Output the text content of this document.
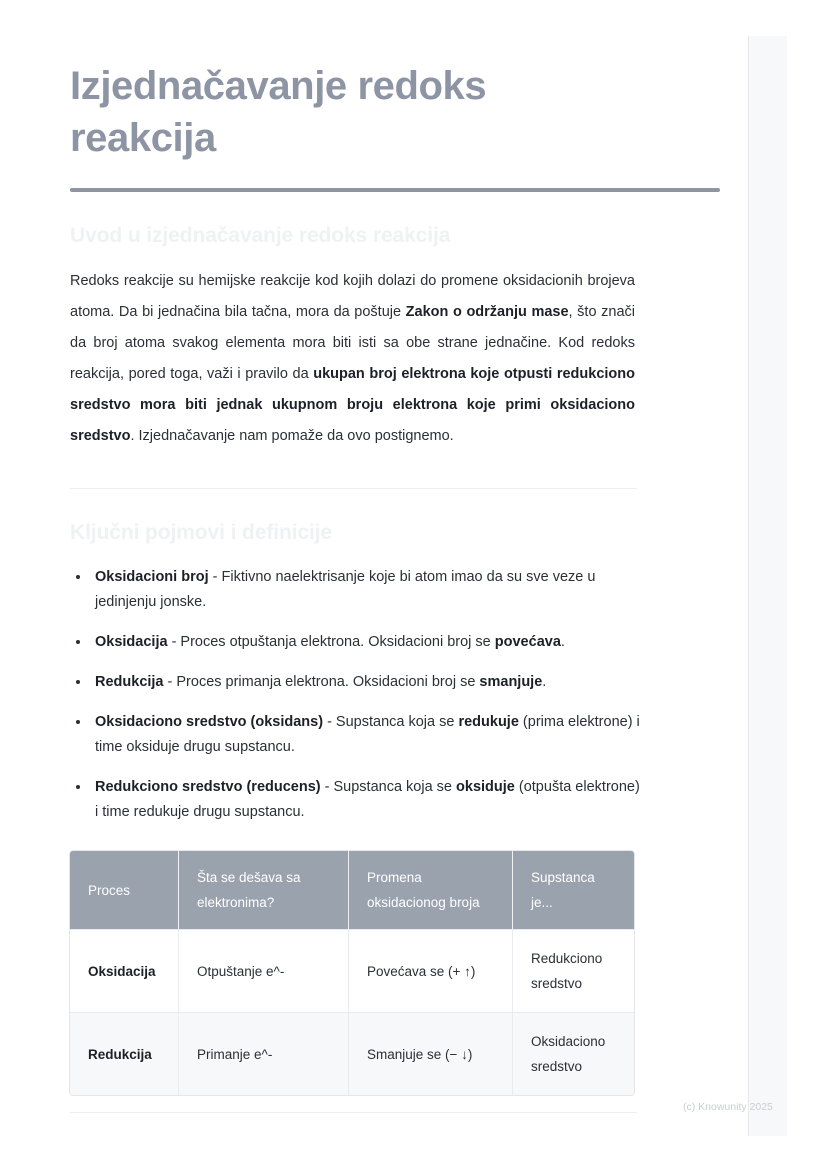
Izjednačavanje redoks reakcija
Uvod u izjednačavanje redoks reakcija

Redoks reakcije su hemijske reakcije kod kojih dolazi do promene oksidacionih brojeva atoma. Da bi jednačina bila tačna, mora da poštuje Zakon o održanju mase, što znači da broj atoma svakog elementa mora biti isti sa obe strane jednačine. Kod redoks reakcija, pored toga, važi i pravilo da ukupan broj elektrona koje otpusti redukciono sredstvo mora biti jednak ukupnom broju elektrona koje primi oksidaciono sredstvo. Izjednačavanje nam pomaže da ovo postignemo.

Ključni pojmovi i definicije
Oksidacioni broj - Fiktivno naelektrisanje koje bi atom imao da su sve veze u jedinjenju jonske.
Oksidacija - Proces otpuštanja elektrona. Oksidacioni broj se povećava.
Redukcija - Proces primanja elektrona. Oksidacioni broj se smanjuje.
Oksidaciono sredstvo (oksidans) - Supstanca koja se redukuje (prima elektrone) i time oksiduje drugu supstancu.
Redukciono sredstvo (reducens) - Supstanca koja se oksiduje (otpušta elektrone) i time redukuje drugu supstancu.
Proces	Šta se dešava sa elektronima?	Promena oksidacionog broja	Supstanca je...
Oksidacija	Otpuštanje e^-	Povećava se (+ ↑)	Redukciono sredstvo
Redukcija	Primanje e^-	Smanjuje se (− ↓)	Oksidaciono sredstvo
(c) Knowunity 2025
